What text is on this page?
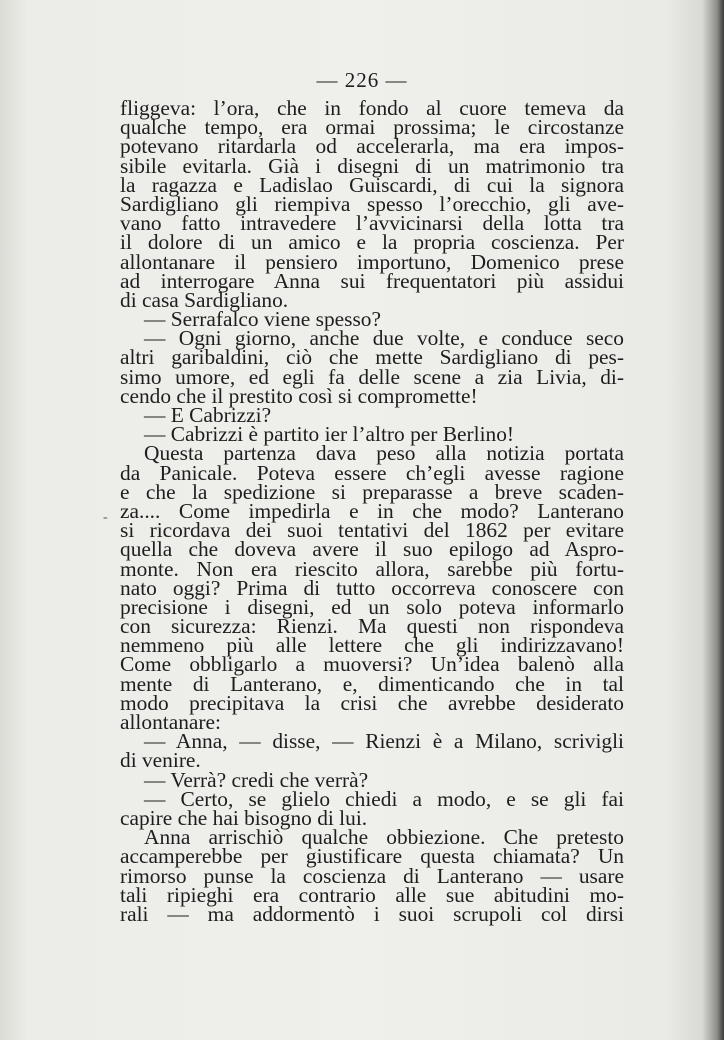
— 226 —
-
fliggeva: l’ora, che in fondo al cuore temeva da
qualche tempo, era ormai prossima; le circostanze
potevano ritardarla od accelerarla, ma era impos-
sibile evitarla. Già i disegni di un matrimonio tra
la ragazza e Ladislao Guiscardi, di cui la signora
Sardigliano gli riempiva spesso l’orecchio, gli ave-
vano fatto intravedere l’avvicinarsi della lotta tra
il dolore di un amico e la propria coscienza. Per
allontanare il pensiero importuno, Domenico prese
ad interrogare Anna sui frequentatori più assidui
di casa Sardigliano.
— Serrafalco viene spesso?
— Ogni giorno, anche due volte, e conduce seco
altri garibaldini, ciò che mette Sardigliano di pes-
simo umore, ed egli fa delle scene a zia Livia, di-
cendo che il prestito così si compromette!
— E Cabrizzi?
— Cabrizzi è partito ier l’altro per Berlino!
Questa partenza dava peso alla notizia portata
da Panicale. Poteva essere ch’egli avesse ragione
e che la spedizione si preparasse a breve scaden-
za.... Come impedirla e in che modo? Lanterano
si ricordava dei suoi tentativi del 1862 per evitare
quella che doveva avere il suo epilogo ad Aspro-
monte. Non era riescito allora, sarebbe più fortu-
nato oggi? Prima di tutto occorreva conoscere con
precisione i disegni, ed un solo poteva informarlo
con sicurezza: Rienzi. Ma questi non rispondeva
nemmeno più alle lettere che gli indirizzavano!
Come obbligarlo a muoversi? Un’idea balenò alla
mente di Lanterano, e, dimenticando che in tal
modo precipitava la crisi che avrebbe desiderato
allontanare:
— Anna, — disse, — Rienzi è a Milano, scrivigli
di venire.
— Verrà? credi che verrà?
— Certo, se glielo chiedi a modo, e se gli fai
capire che hai bisogno di lui.
Anna arrischiò qualche obbiezione. Che pretesto
accamperebbe per giustificare questa chiamata? Un
rimorso punse la coscienza di Lanterano — usare
tali ripieghi era contrario alle sue abitudini mo-
rali — ma addormentò i suoi scrupoli col dirsi
